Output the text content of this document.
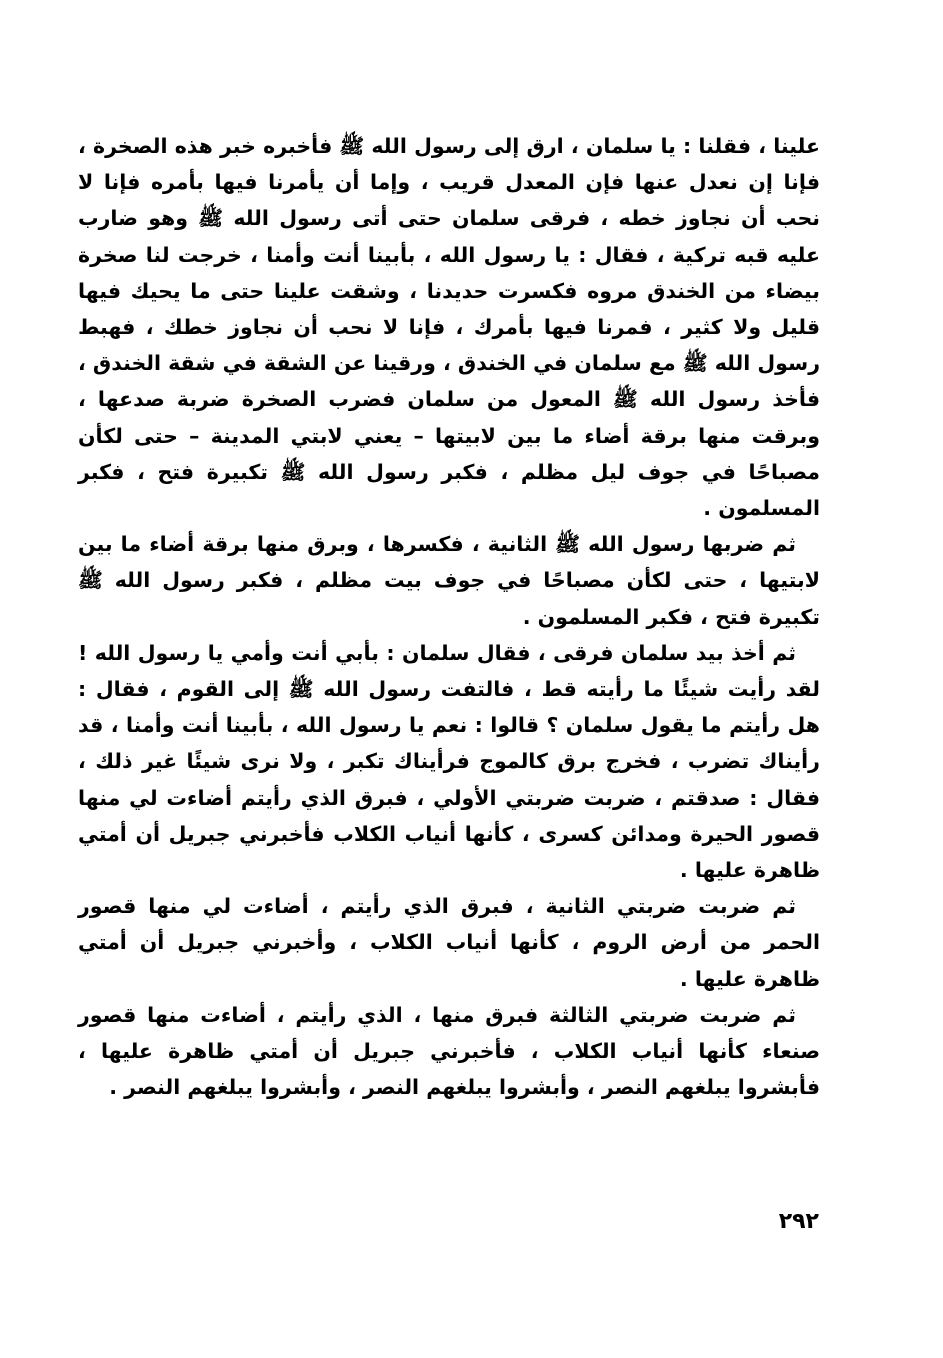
علينا ، فقلنا : يا سلمان ، ارق إلى رسول الله ﷺ فأخبره خبر هذه الصخرة ، فإنا إن نعدل عنها فإن المعدل قريب ، وإما أن يأمرنا فيها بأمره فإنا لا نحب أن نجاوز خطه ، فرقى سلمان حتى أتى رسول الله ﷺ وهو ضارب عليه قبه تركية ، فقال : يا رسول الله ، بأبينا أنت وأمنا ، خرجت لنا صخرة بيضاء من الخندق مروه فكسرت حديدنا ، وشقت علينا حتى ما يحيك فيها قليل ولا كثير ، فمرنا فيها بأمرك ، فإنا لا نحب أن نجاوز خطك ، فهبط رسول الله ﷺ مع سلمان في الخندق ، ورقينا عن الشقة في شقة الخندق ، فأخذ رسول الله ﷺ المعول من سلمان فضرب الصخرة ضربة صدعها ، وبرقت منها برقة أضاء ما بين لابيتها – يعني لابتي المدينة – حتى لكأن مصباحًا في جوف ليل مظلم ، فكبر رسول الله ﷺ تكبيرة فتح ، فكبر المسلمون .

ثم ضربها رسول الله ﷺ الثانية ، فكسرها ، وبرق منها برقة أضاء ما بين لابتيها ، حتى لكأن مصباحًا في جوف بيت مظلم ، فكبر رسول الله ﷺ تكبيرة فتح ، فكبر المسلمون .

ثم أخذ بيد سلمان فرقى ، فقال سلمان : بأبي أنت وأمي يا رسول الله ! لقد رأيت شيئًا ما رأيته قط ، فالتفت رسول الله ﷺ إلى القوم ، فقال : هل رأيتم ما يقول سلمان ؟ قالوا : نعم يا رسول الله ، بأبينا أنت وأمنا ، قد رأيناك تضرب ، فخرج برق كالموج فرأيناك تكبر ، ولا نرى شيئًا غير ذلك ، فقال : صدقتم ، ضربت ضربتي الأولي ، فبرق الذي رأيتم أضاءت لي منها قصور الحيرة ومدائن كسرى ، كأنها أنياب الكلاب فأخبرني جبريل أن أمتي ظاهرة عليها .

ثم ضربت ضربتي الثانية ، فبرق الذي رأيتم ، أضاءت لي منها قصور الحمر من أرض الروم ، كأنها أنياب الكلاب ، وأخبرني جبريل أن أمتي ظاهرة عليها .

ثم ضربت ضربتي الثالثة فبرق منها ، الذي رأيتم ، أضاءت منها قصور صنعاء كأنها أنياب الكلاب ، فأخبرني جبريل أن أمتي ظاهرة عليها ، فأبشروا يبلغهم النصر ، وأبشروا يبلغهم النصر ، وأبشروا يبلغهم النصر .

٢٩٢
